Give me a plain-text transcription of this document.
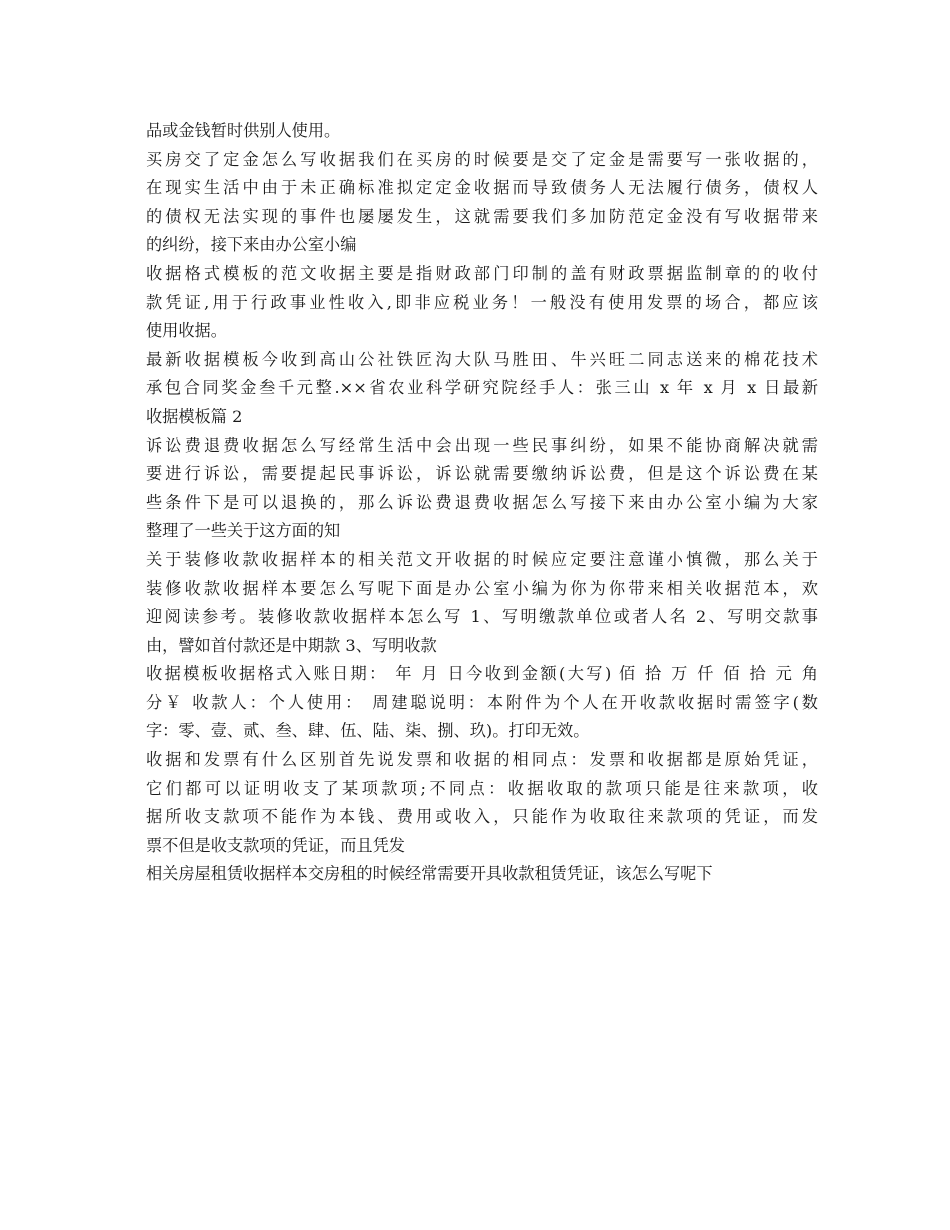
品或金钱暂时供别人使用。
买房交了定金怎么写收据我们在买房的时候要是交了定金是需要写一张收据的，
在现实生活中由于未正确标准拟定定金收据而导致债务人无法履行债务，债权人
的债权无法实现的事件也屡屡发生，这就需要我们多加防范定金没有写收据带来
的纠纷，接下来由办公室小编
收据格式模板的范文收据主要是指财政部门印制的盖有财政票据监制章的的收付
款凭证,用于行政事业性收入,即非应税业务！一般没有使用发票的场合，都应该
使用收据。
最新收据模板今收到高山公社铁匠沟大队马胜田、牛兴旺二同志送来的棉花技术
承包合同奖金叁千元整.××省农业科学研究院经手人：张三山 x 年 x 月 x 日最新
收据模板篇 2
诉讼费退费收据怎么写经常生活中会出现一些民事纠纷，如果不能协商解决就需
要进行诉讼，需要提起民事诉讼，诉讼就需要缴纳诉讼费，但是这个诉讼费在某
些条件下是可以退换的，那么诉讼费退费收据怎么写接下来由办公室小编为大家
整理了一些关于这方面的知
关于装修收款收据样本的相关范文开收据的时候应定要注意谨小慎微，那么关于
装修收款收据样本要怎么写呢下面是办公室小编为你为你带来相关收据范本，欢
迎阅读参考。装修收款收据样本怎么写 1、写明缴款单位或者人名 2、写明交款事
由，譬如首付款还是中期款 3、写明收款
收据模板收据格式入账日期： 年 月 日今收到金额(大写) 佰 拾 万 仟 佰 拾 元 角
分￥ 收款人：个人使用： 周建聪说明：本附件为个人在开收款收据时需签字(数
字：零、壹、贰、叁、肆、伍、陆、柒、捌、玖)。打印无效。
收据和发票有什么区别首先说发票和收据的相同点：发票和收据都是原始凭证，
它们都可以证明收支了某项款项;不同点：收据收取的款项只能是往来款项，收
据所收支款项不能作为本钱、费用或收入，只能作为收取往来款项的凭证，而发
票不但是收支款项的凭证，而且凭发
相关房屋租赁收据样本交房租的时候经常需要开具收款租赁凭证，该怎么写呢下
